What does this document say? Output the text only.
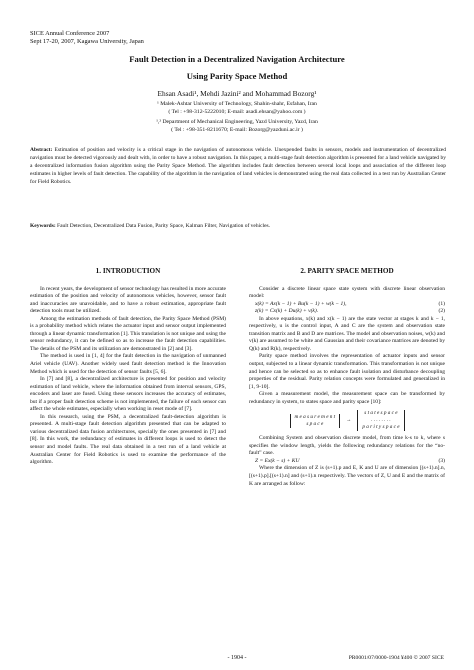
SICE Annual Conference 2007
Sept 17-20, 2007, Kagawa University, Japan
Fault Detection in a Decentralized Navigation Architecture
Using Parity Space Method
Ehsan Asadi¹, Mehdi Jazini² and Mohammad Bozorg¹
¹ Malek-Ashtar University of Technology, Shahin-shahr, Esfahan, Iran
( Tel : +98-312-5222010; E-mail: asadi.ehsan@yahoo.com )
¹,² Department of Mechanical Engineering, Yazd University, Yazd, Iran
( Tel : +98-351-8211670; E-mail: Bozorg@yazduni.ac.ir )
Abstract: Estimation of position and velocity is a critical stage in the navigation of autonomous vehicle. Unexpended faults in sensors, models and instrumentation of decentralized navigation must be detected vigorously and dealt with, in order to have a robust navigation. In this paper, a multi-stage fault detection algorithm is presented for a land vehicle navigated by a decentralized information fusion algorithm using the Parity Space Method. The algorithm includes fault detection between several local loops and association of the different loop estimates in higher levels of fault detection. The capability of the algorithm in the navigation of land vehicles is demonstrated using the real data collected in a test run by Australian Center for Field Robotics.
Keywords: Fault Detection, Decentralized Data Fusion, Parity Space, Kalman Filter, Navigation of vehicles.
1. INTRODUCTION

In recent years, the development of sensor technology has resulted in more accurate estimation of the position and velocity of autonomous vehicles, however, sensor fault and inaccuracies are unavoidable, and to have a robust estimation, appropriate fault detection tools must be utilized.

Among the estimation methods of fault detection, the Parity Space Method (PSM) is a probability method which relates the actuator input and sensor output implemented through a linear dynamic transformation [1]. This translation is not unique and using the sensor redundancy, it can be defined so as to increase the fault detection capabilities. The details of the PSM and its utilization are demonstrated in [2] and [3].

The method is used in [1, 4] for the fault detection in the navigation of unmanned Ariel vehicle (UAV). Another widely used fault detection method is the Innovation Method which is used for the detection of sensor faults [5, 6].

In [7] and [8], a decentralized architecture is presented for position and velocity estimation of land vehicle, where the information obtained from interval sensors, GPS, encoders and laser are fused. Using these sensors increases the accuracy of estimates, but if a proper fault detection scheme is not implemented, the failure of each sensor can affect the whole estimates, especially when working in reset mode of [7].

In this research, using the PSM, a decentralized fault-detection algorithm is presented. A multi-stage fault detection algorithm presented that can be adapted to various decentralized data fusion architectures, specially the ones presented in [7] and [8]. In this work, the redundancy of estimates in different loops is used to detect the sensor and model faults. The real data obtained in a test run of a land vehicle at Australian Center for Field Robotics is used to examine the performance of the algorithm.

2. PARITY SPACE METHOD

Consider a discrete linear space state system with discrete linear observation model:

x(k) = Ax(k − 1) + Bu(k − 1) + w(k − 1),	(1)
z(k) = Cx(k) + Du(k) + v(k).	(2)

In above equations, x(k) and x(k − 1) are the state vector at stages k and k − 1, respectively, u is the control input, A and C are the system and observation state transition matrix and B and D are matrices. The model and observation noises, w(k) and v(k) are assumed to be white and Gaussian and their covariance matrices are denoted by Q(k) and R(k), respectively.

Parity space method involves the representation of actuator inputs and sensor output, subjected to a linear dynamic transformation. This transformation is not unique and hence can be selected so as to enhance fault isolation and disturbance decoupling properties of the residual. Parity relation concepts were formulated and generalized in [1, 9-10].

Given a measurement model, the measurement space can be transformed by redundancy in system, to states space and parity space [10]:

m e a s u r e m e n t
s p a c e
→
s t a t e s p a c e
. . . . . . . .
p a r i t y s p a c e

Combining System and observation discrete model, from time k-s to k, where s specifies the window length, yields the following redundancy relations for the “no-fault” case.

Z = Ex(k − s) + KU	(3)

Where the dimension of Z is (s+1).p and E, K and U are of dimension [(s+1).n].n, [(s+1).p].[(s+1).n] and (s+1).n respectively. The vectors of Z, U and E and the matrix of K are arranged as follow:

- 1904 -	PR0001/07/0000-1904 ¥400 © 2007 SICE
